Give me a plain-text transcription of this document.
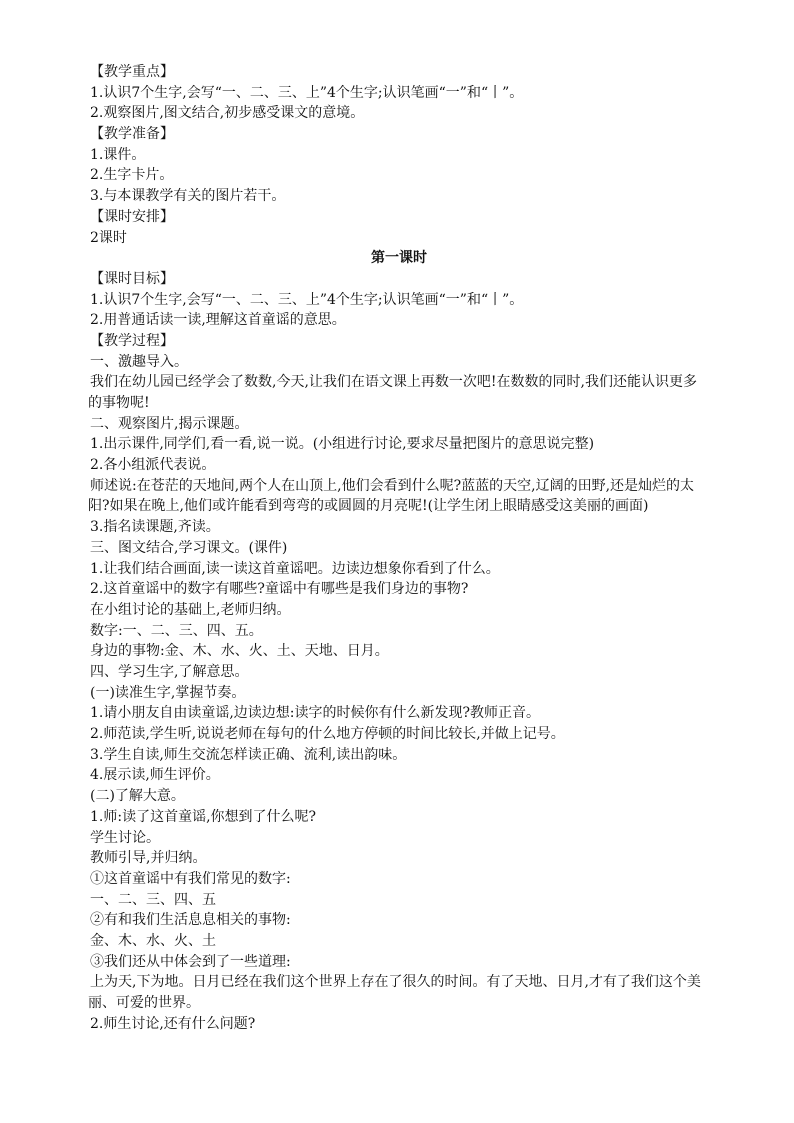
【教学重点】
1.认识7个生字,会写“一、二、三、上”4个生字;认识笔画“一”和“丨”。
2.观察图片,图文结合,初步感受课文的意境。
【教学准备】
1.课件。
2.生字卡片。
3.与本课教学有关的图片若干。
【课时安排】
2课时
第一课时
【课时目标】
1.认识7个生字,会写“一、二、三、上”4个生字;认识笔画“一”和“丨”。
2.用普通话读一读,理解这首童谣的意思。
【教学过程】
一、激趣导入。
我们在幼儿园已经学会了数数,今天,让我们在语文课上再数一次吧!在数数的同时,我们还能认识更多的事物呢!
二、观察图片,揭示课题。
1.出示课件,同学们,看一看,说一说。(小组进行讨论,要求尽量把图片的意思说完整)
2.各小组派代表说。
师述说:在苍茫的天地间,两个人在山顶上,他们会看到什么呢?蓝蓝的天空,辽阔的田野,还是灿烂的太阳?如果在晚上,他们或许能看到弯弯的或圆圆的月亮呢!(让学生闭上眼睛感受这美丽的画面)
3.指名读课题,齐读。
三、图文结合,学习课文。(课件)
1.让我们结合画面,读一读这首童谣吧。边读边想象你看到了什么。
2.这首童谣中的数字有哪些?童谣中有哪些是我们身边的事物?
在小组讨论的基础上,老师归纳。
数字:一、二、三、四、五。
身边的事物:金、木、水、火、土、天地、日月。
四、学习生字,了解意思。
(一)读准生字,掌握节奏。
1.请小朋友自由读童谣,边读边想:读字的时候你有什么新发现?教师正音。
2.师范读,学生听,说说老师在每句的什么地方停顿的时间比较长,并做上记号。
3.学生自读,师生交流怎样读正确、流利,读出韵味。
4.展示读,师生评价。
(二)了解大意。
1.师:读了这首童谣,你想到了什么呢?
学生讨论。
教师引导,并归纳。
①这首童谣中有我们常见的数字:
一、二、三、四、五
②有和我们生活息息相关的事物:
金、木、水、火、土
③我们还从中体会到了一些道理:
上为天,下为地。日月已经在我们这个世界上存在了很久的时间。有了天地、日月,才有了我们这个美丽、可爱的世界。
2.师生讨论,还有什么问题?
